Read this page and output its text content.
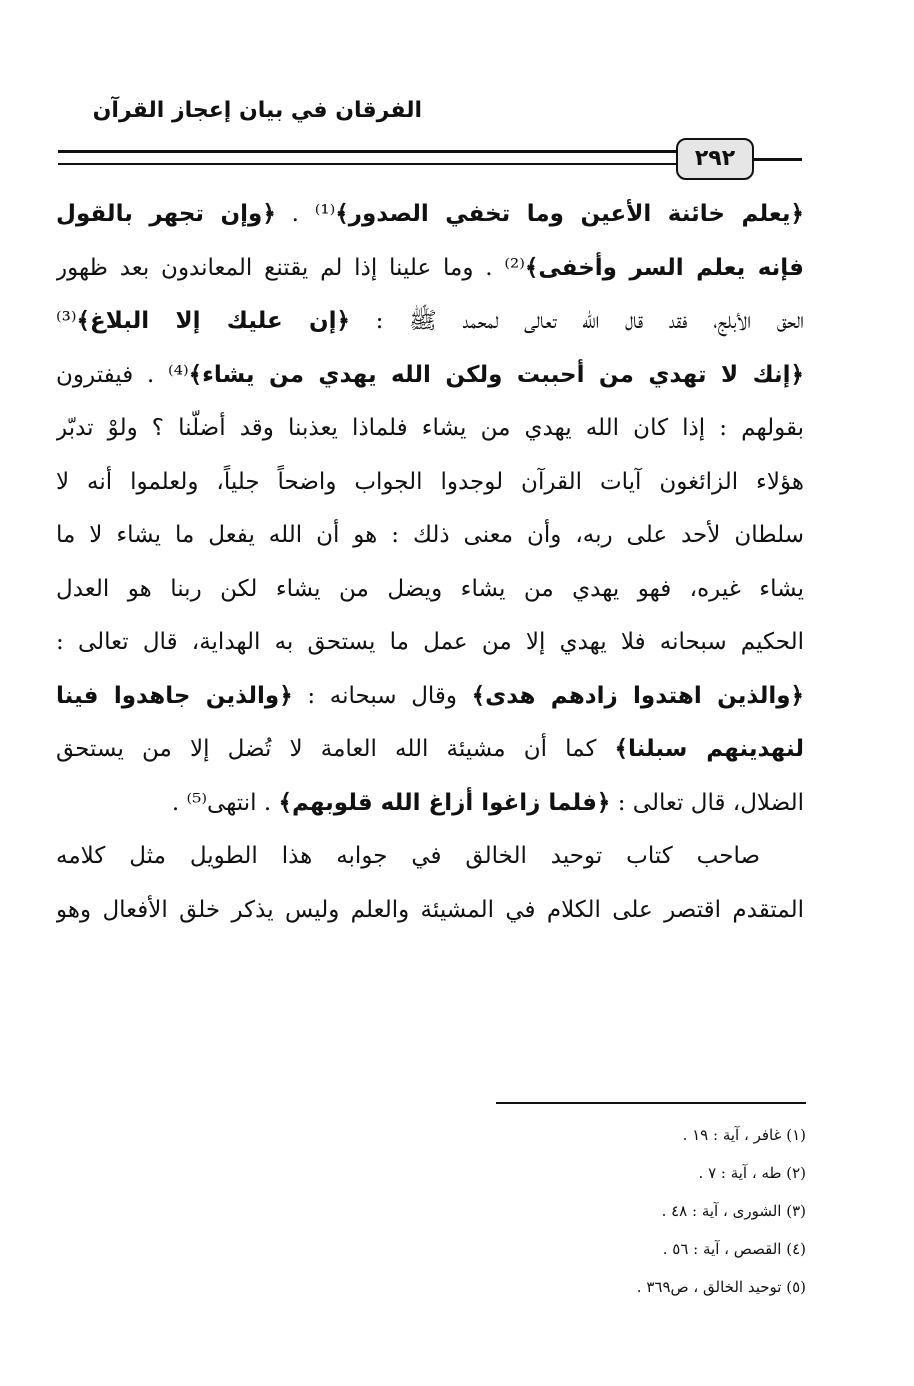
الفرقان في بيان إعجاز القرآن
٢٩٢
﴿يعلم خائنة الأعين وما تخفي الصدور﴾⁽¹⁾ . ﴿وإن تجهر بالقول
فإنه يعلم السر وأخفى﴾⁽²⁾ . وما علينا إذا لم يقتنع المعاندون بعد ظهور
الحق الأبلج، فقد قال الله تعالى لمحمد ﷺ : ﴿إن عليك إلا البلاغ﴾⁽³⁾
﴿إنك لا تهدي من أحببت ولكن الله يهدي من يشاء﴾⁽⁴⁾ . فيفترون
بقولهم : إذا كان الله يهدي من يشاء فلماذا يعذبنا وقد أضلّنا ؟ ولوْ تدبّر
هؤلاء الزائغون آيات القرآن لوجدوا الجواب واضحاً جلياً، ولعلموا أنه لا
سلطان لأحد على ربه، وأن معنى ذلك : هو أن الله يفعل ما يشاء لا ما
يشاء غيره، فهو يهدي من يشاء ويضل من يشاء لكن ربنا هو العدل
الحكيم سبحانه فلا يهدي إلا من عمل ما يستحق به الهداية، قال تعالى :
﴿والذين اهتدوا زادهم هدى﴾ وقال سبحانه : ﴿والذين جاهدوا فينا
لنهدينهم سبلنا﴾ كما أن مشيئة الله العامة لا تُضل إلا من يستحق
الضلال، قال تعالى : ﴿فلما زاغوا أزاغ الله قلوبهم﴾ . انتهى⁽⁵⁾ .
صاحب كتاب توحيد الخالق في جوابه هذا الطويل مثل كلامه
المتقدم اقتصر على الكلام في المشيئة والعلم وليس يذكر خلق الأفعال وهو
(١) غافر ، آية : ١٩ .
(٢) طه ، آية : ٧ .
(٣) الشورى ، آية : ٤٨ .
(٤) القصص ، آية : ٥٦ .
(٥) توحيد الخالق ، ص٣٦٩ .
